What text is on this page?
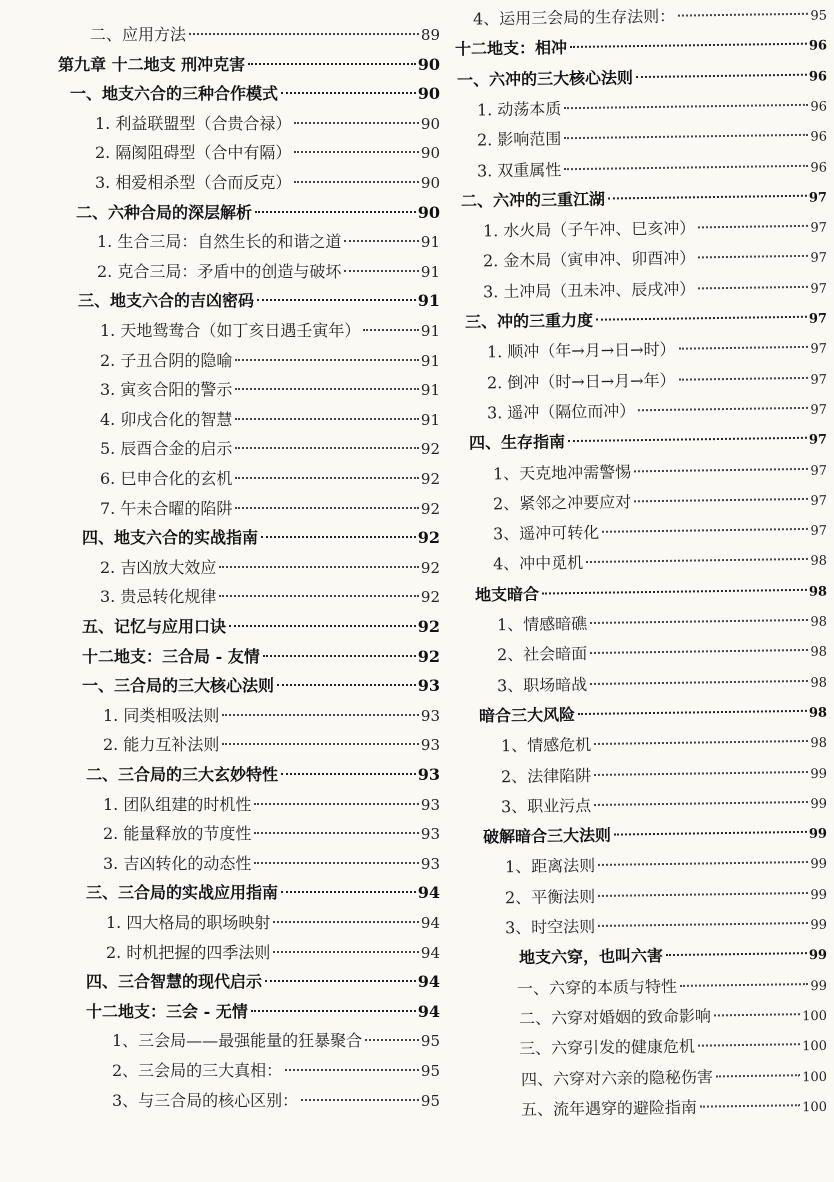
二、应用方法	89
第九章 十二地支 刑冲克害	90
一、地支六合的三种合作模式	90
1. 利益联盟型（合贵合禄）	90
2. 隔阂阻碍型（合中有隔）	90
3. 相爱相杀型（合而反克）	90
二、六种合局的深层解析	90
1. 生合三局：自然生长的和谐之道	91
2. 克合三局：矛盾中的创造与破坏	91
三、地支六合的吉凶密码	91
1. 天地鸳鸯合（如丁亥日遇壬寅年）	91
2. 子丑合阴的隐喻	91
3. 寅亥合阳的警示	91
4. 卯戌合化的智慧	91
5. 辰酉合金的启示	92
6. 巳申合化的玄机	92
7. 午未合曜的陷阱	92
四、地支六合的实战指南	92
2. 吉凶放大效应	92
3. 贵忌转化规律	92
五、记忆与应用口诀	92
十二地支：三合局 - 友情	92
一、三合局的三大核心法则	93
1. 同类相吸法则	93
2. 能力互补法则	93
二、三合局的三大玄妙特性	93
1. 团队组建的时机性	93
2. 能量释放的节度性	93
3. 吉凶转化的动态性	93
三、三合局的实战应用指南	94
1. 四大格局的职场映射	94
2. 时机把握的四季法则	94
四、三合智慧的现代启示	94
十二地支：三会 - 无情	94
1、三会局——最强能量的狂暴聚合	95
2、三会局的三大真相：	95
3、与三合局的核心区别：	95
4、运用三会局的生存法则：	95
十二地支：相冲	96
一、六冲的三大核心法则	96
1. 动荡本质	96
2. 影响范围	96
3. 双重属性	96
二、六冲的三重江湖	97
1. 水火局（子午冲、巳亥冲）	97
2. 金木局（寅申冲、卯酉冲）	97
3. 土冲局（丑未冲、辰戌冲）	97
三、冲的三重力度	97
1. 顺冲（年→月→日→时）	97
2. 倒冲（时→日→月→年）	97
3. 遥冲（隔位而冲）	97
四、生存指南	97
1、天克地冲需警惕	97
2、紧邻之冲要应对	97
3、遥冲可转化	97
4、冲中觅机	98
地支暗合	98
1、情感暗礁	98
2、社会暗面	98
3、职场暗战	98
暗合三大风险	98
1、情感危机	98
2、法律陷阱	99
3、职业污点	99
破解暗合三大法则	99
1、距离法则	99
2、平衡法则	99
3、时空法则	99
地支六穿，也叫六害	99
一、六穿的本质与特性	99
二、六穿对婚姻的致命影响	100
三、六穿引发的健康危机	100
四、六穿对六亲的隐秘伤害	100
五、流年遇穿的避险指南	100
